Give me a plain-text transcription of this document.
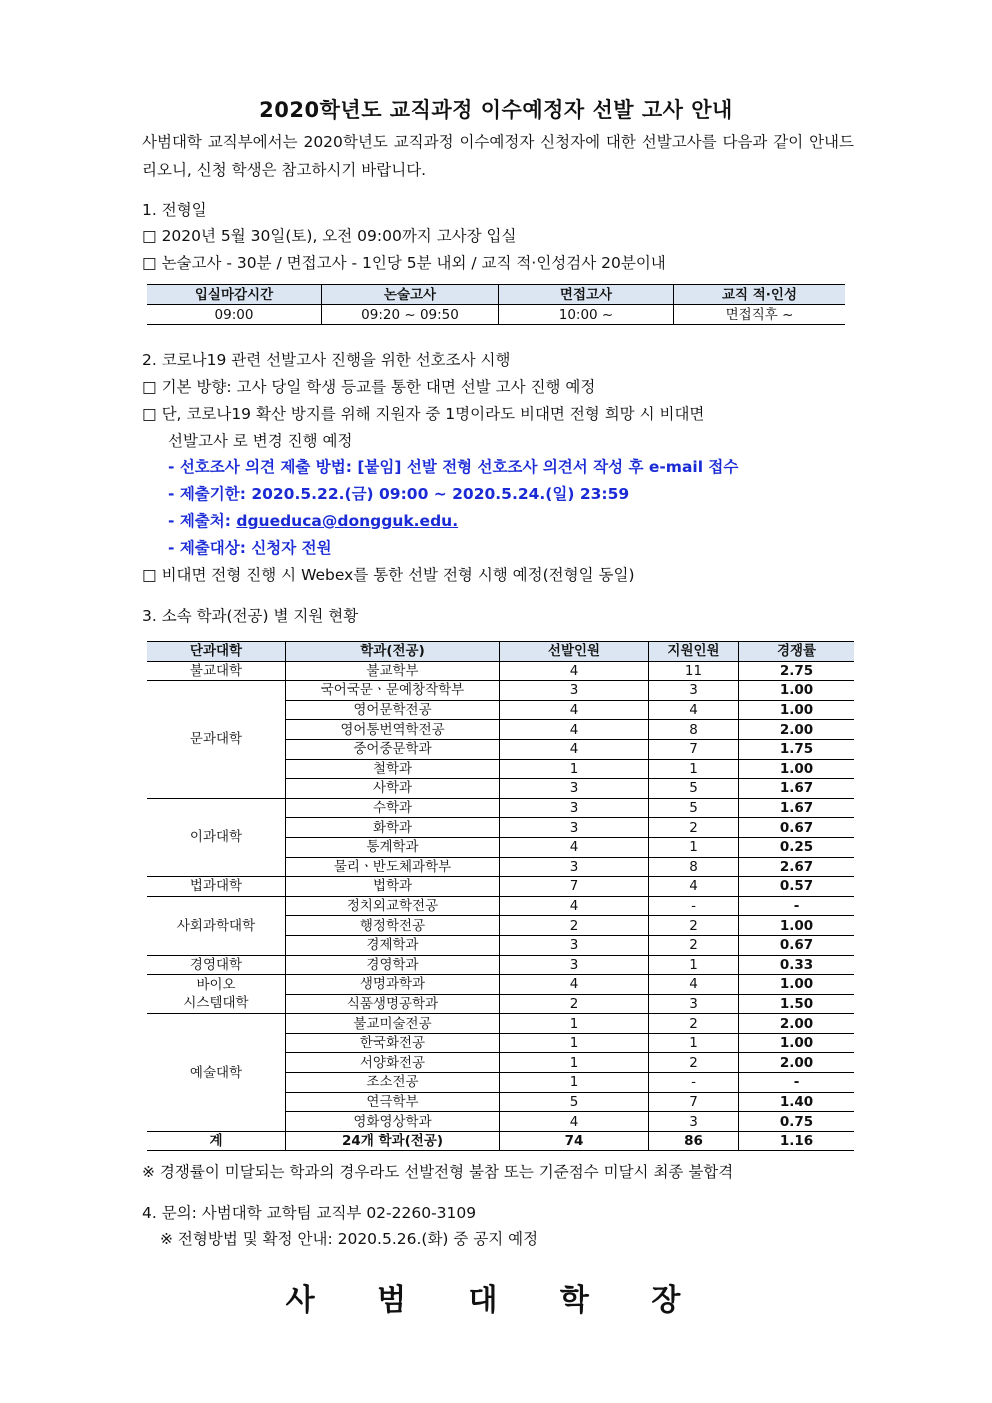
2020학년도 교직과정 이수예정자 선발 고사 안내
사범대학 교직부에서는 2020학년도 교직과정 이수예정자 신청자에 대한 선발고사를 다음과 같이 안내드리오니, 신청 학생은 참고하시기 바랍니다.
1. 전형일
□ 2020년 5월 30일(토), 오전 09:00까지 고사장 입실
□ 논술고사 - 30분 / 면접고사 - 1인당 5분 내외 / 교직 적·인성검사 20분이내
입실마감시간	논술고사	면접고사	교직 적·인성
09:00	09:20 ~ 09:50	10:00 ~	면접직후 ~
2. 코로나19 관련 선발고사 진행을 위한 선호조사 시행
□ 기본 방향: 고사 당일 학생 등교를 통한 대면 선발 고사 진행 예정
□ 단, 코로나19 확산 방지를 위해 지원자 중 1명이라도 비대면 전형 희망 시 비대면
선발고사 로 변경 진행 예정
- 선호조사 의견 제출 방법: [붙임] 선발 전형 선호조사 의견서 작성 후 e-mail 접수
- 제출기한: 2020.5.22.(금) 09:00 ~ 2020.5.24.(일) 23:59
- 제출처: dgueduca@dongguk.edu.
- 제출대상: 신청자 전원
□ 비대면 전형 진행 시 Webex를 통한 선발 전형 시행 예정(전형일 동일)
3. 소속 학과(전공) 별 지원 현황
단과대학	학과(전공)	선발인원	지원인원	경쟁률
불교대학	불교학부	4	11	2.75
문과대학	국어국문ㆍ문예창작학부	3	3	1.00
	영어문학전공	4	4	1.00
	영어통번역학전공	4	8	2.00
	중어중문학과	4	7	1.75
	철학과	1	1	1.00
	사학과	3	5	1.67
이과대학	수학과	3	5	1.67
	화학과	3	2	0.67
	통계학과	4	1	0.25
	물리ㆍ반도체과학부	3	8	2.67
법과대학	법학과	7	4	0.57
사회과학대학	정치외교학전공	4	-	-
	행정학전공	2	2	1.00
	경제학과	3	2	0.67
경영대학	경영학과	3	1	0.33
바이오
시스템대학	생명과학과	4	4	1.00
	식품생명공학과	2	3	1.50
예술대학	불교미술전공	1	2	2.00
	한국화전공	1	1	1.00
	서양화전공	1	2	2.00
	조소전공	1	-	-
	연극학부	5	7	1.40
	영화영상학과	4	3	0.75
계	24개 학과(전공)	74	86	1.16
※ 경쟁률이 미달되는 학과의 경우라도 선발전형 불참 또는 기준점수 미달시 최종 불합격
4. 문의: 사범대학 교학팀 교직부 02-2260-3109
※ 전형방법 및 확정 안내: 2020.5.26.(화) 중 공지 예정
사 범 대 학 장
